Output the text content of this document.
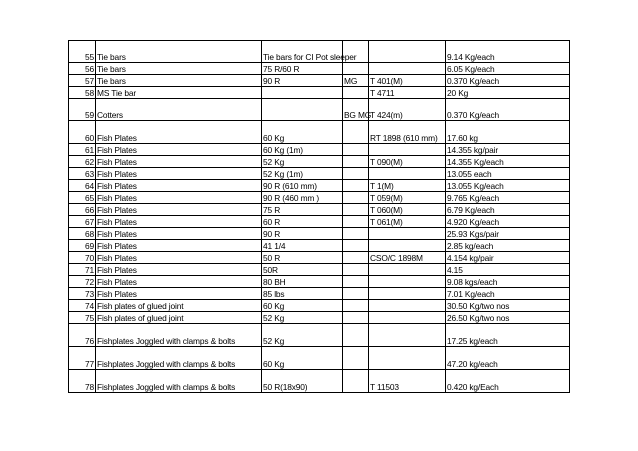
55	Tie bars	Tie bars for CI Pot sleeper			9.14 Kg/each
56	Tie bars	75 R/60 R			6.05 Kg/each
57	Tie bars	90 R	MG	T 401(M)	0.370 Kg/each
58	MS Tie bar			T 4711	20 Kg
59	Cotters		BG MG	T 424(m)	0.370 Kg/each
60	Fish Plates	60 Kg		RT 1898 (610 mm)	17.60 kg
61	Fish Plates	60 Kg (1m)			14.355 kg/pair
62	Fish Plates	52 Kg		T 090(M)	14.355 Kg/each
63	Fish Plates	52 Kg (1m)			13.055 each
64	Fish Plates	90 R (610 mm)		T 1(M)	13.055 Kg/each
65	Fish Plates	90 R (460 mm )		T 059(M)	9.765 Kg/each
66	Fish Plates	75 R		T 060(M)	6.79 Kg/each
67	Fish Plates	60 R		T 061(M)	4.920 Kg/each
68	Fish Plates	90 R			25.93 Kgs/pair
69	Fish Plates	41 1/4			2.85 kg/each
70	Fish Plates	50 R		CSO/C 1898M	4.154 kg/pair
71	Fish Plates	50R			4.15
72	Fish Plates	80 BH			9.08 kgs/each
73	Fish Plates	85 lbs			7.01 Kg/each
74	Fish plates of glued joint	60 Kg			30.50 Kg/two nos
75	Fish plates of glued joint	52 Kg			26.50 Kg/two nos
76	Fishplates Joggled with clamps & bolts	52 Kg			17.25 kg/each
77	Fishplates Joggled with clamps & bolts	60 Kg			47.20 kg/each
78	Fishplates Joggled with clamps & bolts	50 R(18x90)		T 11503	0.420 kg/Each
